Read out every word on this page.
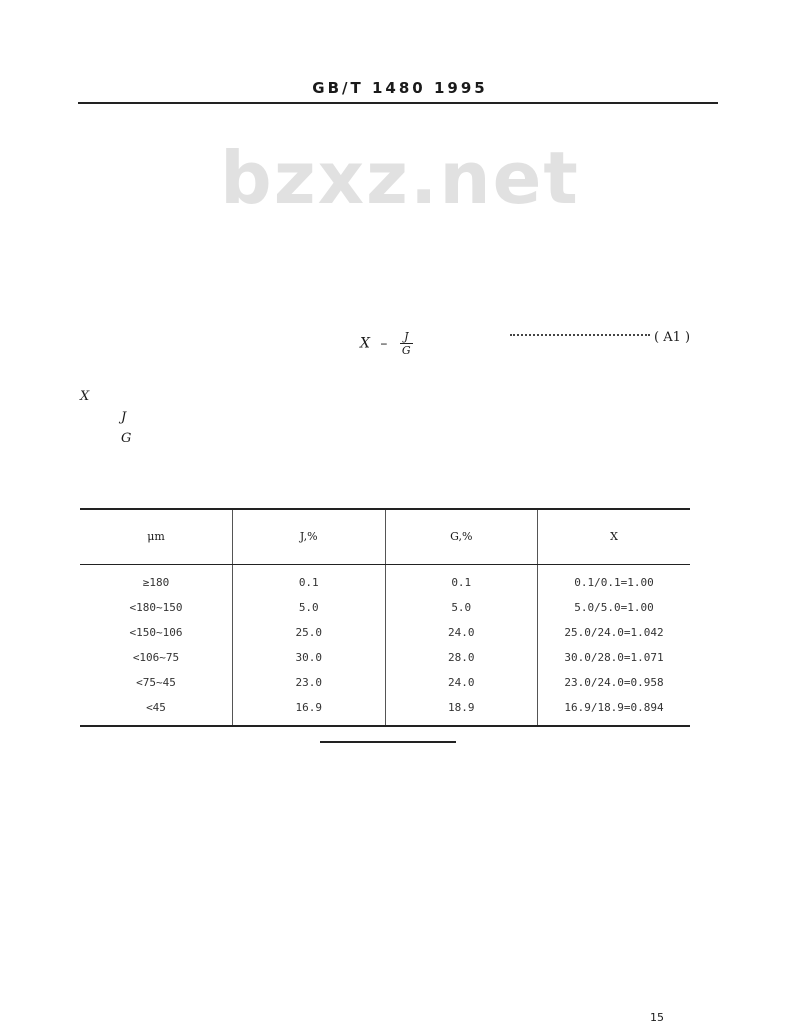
GB/T 1480 1995
bzxz.net
X – $\frac{J}{G}$	( A1 )
X
J
G
μm	J,%	G,%	X

≥180	0.1	0.1	0.1/0.1=1.00
<180~150	5.0	5.0	5.0/5.0=1.00
<150~106	25.0	24.0	25.0/24.0=1.042
<106~75	30.0	28.0	30.0/28.0=1.071
<75~45	23.0	24.0	23.0/24.0=0.958
<45	16.9	18.9	16.9/18.9=0.894
15
